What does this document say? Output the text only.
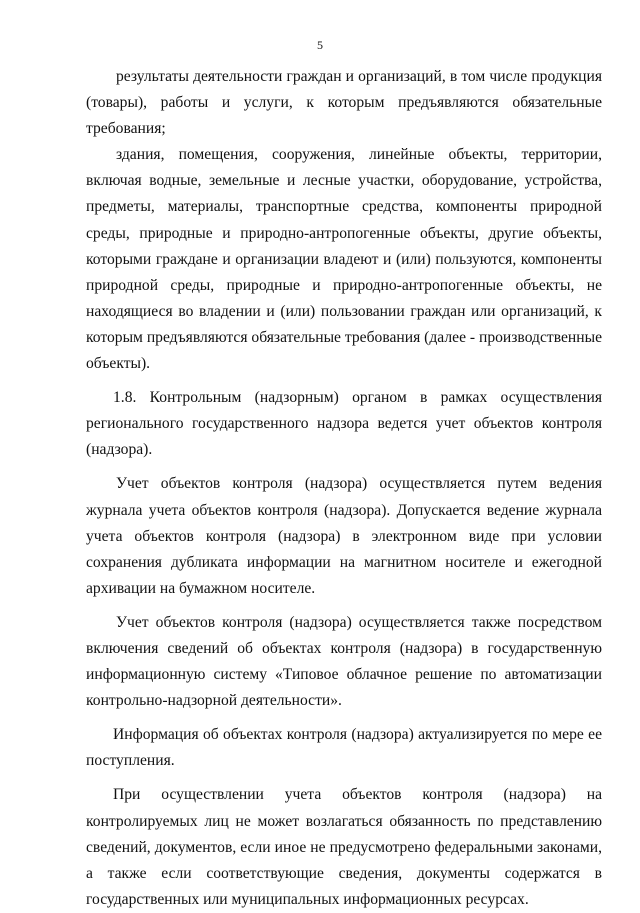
5

результаты деятельности граждан и организаций, в том числе продукция (товары), работы и услуги, к которым предъявляются обязательные требования;

здания, помещения, сооружения, линейные объекты, территории, включая водные, земельные и лесные участки, оборудование, устройства, предметы, материалы, транспортные средства, компоненты природной среды, природные и природно-антропогенные объекты, другие объекты, которыми граждане и организации владеют и (или) пользуются, компоненты природной среды, природные и природно-антропогенные объекты, не находящиеся во владении и (или) пользовании граждан или организаций, к которым предъявляются обязательные требования (далее - производственные объекты).

1.8. Контрольным (надзорным) органом в рамках осуществления регионального государственного надзора ведется учет объектов контроля (надзора).

Учет объектов контроля (надзора) осуществляется путем ведения журнала учета объектов контроля (надзора). Допускается ведение журнала учета объектов контроля (надзора) в электронном виде при условии сохранения дубликата информации на магнитном носителе и ежегодной архивации на бумажном носителе.

Учет объектов контроля (надзора) осуществляется также посредством включения сведений об объектах контроля (надзора) в государственную информационную систему «Типовое облачное решение по автоматизации контрольно-надзорной деятельности».

Информация об объектах контроля (надзора) актуализируется по мере ее поступления.

При осуществлении учета объектов контроля (надзора) на контролируемых лиц не может возлагаться обязанность по представлению сведений, документов, если иное не предусмотрено федеральными законами, а также если соответствующие сведения, документы содержатся в государственных или муниципальных информационных ресурсах.
